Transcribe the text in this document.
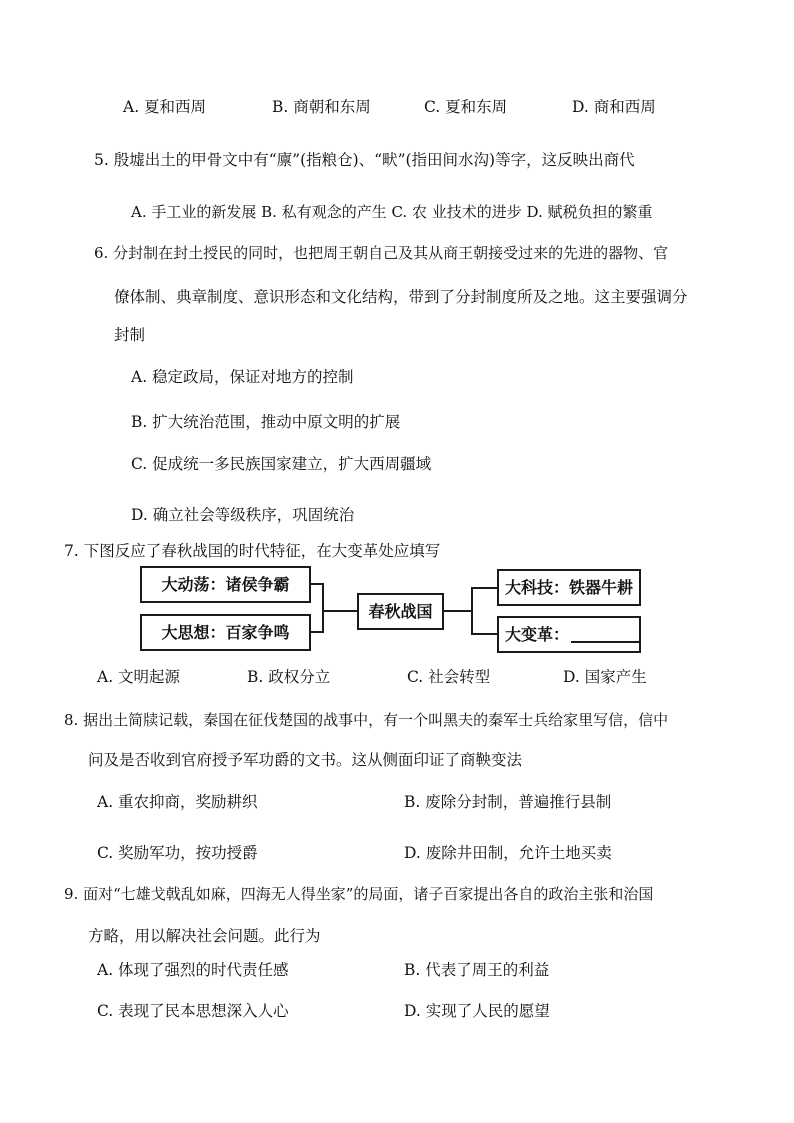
A. 夏和西周	B. 商朝和东周	C. 夏和东周	D. 商和西周
5. 殷墟出土的甲骨文中有“廪”(指粮仓)、“畎”(指田间水沟)等字，这反映出商代
A. 手工业的新发展 B. 私有观念的产生 C. 农 业技术的进步 D. 赋税负担的繁重
6. 分封制在封土授民的同时，也把周王朝自己及其从商王朝接受过来的先进的器物、官
僚体制、典章制度、意识形态和文化结构，带到了分封制度所及之地。这主要强调分
封制
A. 稳定政局，保证对地方的控制
B. 扩大统治范围，推动中原文明的扩展
C. 促成统一多民族国家建立，扩大西周疆域
D. 确立社会等级秩序，巩固统治
7. 下图反应了春秋战国的时代特征，在大变革处应填写
大动荡：诸侯争霸
大思想：百家争鸣
春秋战国
大科技：铁器牛耕
大变革：
A. 文明起源	B. 政权分立	C. 社会转型	D. 国家产生
8. 据出土简牍记载，秦国在征伐楚国的战事中，有一个叫黑夫的秦军士兵给家里写信，信中
问及是否收到官府授予军功爵的文书。这从侧面印证了商鞅变法
A. 重农抑商，奖励耕织	B. 废除分封制，普遍推行县制
C. 奖励军功，按功授爵	D. 废除井田制，允许土地买卖
9. 面对“七雄戈戟乱如麻，四海无人得坐家”的局面，诸子百家提出各自的政治主张和治国
方略，用以解决社会问题。此行为
A. 体现了强烈的时代责任感	B. 代表了周王的利益
C. 表现了民本思想深入人心	D. 实现了人民的愿望
